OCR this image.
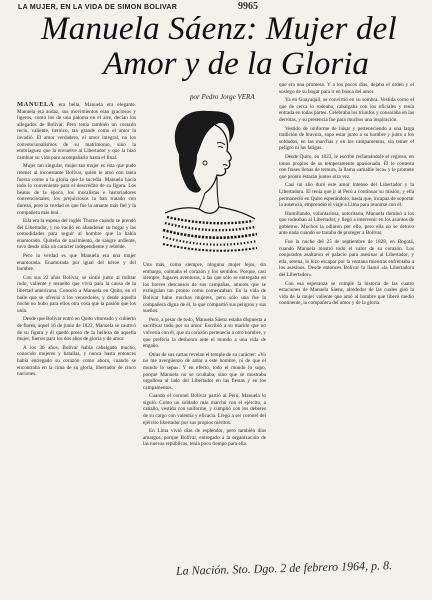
LA MUJER, EN LA VIDA DE SIMON BOLIVAR	9965
Manuela Sáenz: Mujer del
Amor y de la Gloria
por Pedro Jorge VERA

MANUELA era bella, Manuela era elegante. Manuela era audaz, sus movimientos eran graciosos y ligeros, como los de una paloma en el aire, decían los allegados de Bolívar. Pero tenía también un corazón recio, valiente, heroico, tan grande como el amor la invadió. El amor verdadero, el amor integral, no los convencionalismos de su matrimonio, sino la embriaguez que la envuelve al Libertador y que la hizo cambiar su vida para acompañarlo hasta el final.

Mujer tan singular, mujer tan mujer es ésta que pudo retener al inconstante Bolívar, quien le amó con tanta fuerza como a la gloria que la sucedía. Manuela hacía todo lo conveniente para el descrédito de su figura. Los beatos de la época, los moralistas e historiadores convencionales, los prejuiciosos la han tratado con dureza, pero la verdad es que fue la amante más fiel y la compañera más leal.

Ella era la esposa del inglés Thorne cuando se prendó del Libertador, y no vaciló en abandonar su hogar y las comodidades para seguir al hombre que la había enamorado. Quiteña de nacimiento, de sangre ardiente, tuvo desde niña un carácter independiente y rebelde.

Pero la verdad es que Manuela era una mujer enamorada. Enamorada por igual del héroe y del hombre.

Con sus 22 años Bolívar, se sintió junto al militar rudo, valiente y resuelto que vivía para la causa de la libertad americana. Conoció a Manuela en Quito, en el baile que se ofreció a los vencedores, y desde aquella noche no hubo para ellos otra cosa que la pasión que los unía.

Desde que Bolívar entró en Quito vitoreado y cubierto de flores, aquel 16 de junio de 1822, Manuela se cautivó de su figura y él quedó preso de la belleza de aquella mujer, fueron para los dos años de gloria y de amor.

A los 36 años, Bolívar había cabalgado mucho, conocido mujeres y batallas, y nunca hasta entonces había entregado su corazón como ahora, cuando se encontraba en la cima de su gloria, libertador de cinco naciones.

Una más, como siempre, ninguna mujer lejos, sin embargo, colmaba el corazón y los sentidos. Porque, casi siempre, fugaces aventuras, a las que sólo se entregaba en los breves descansos de sus campañas, amores que se extinguían tan pronto como comenzaban. En la vida de Bolívar hubo muchas mujeres, pero sólo una fue la compañera digna de él, la que compartió sus peligros y sus sueños.

Pero, a pesar de todo, Manuela Sáenz estaba dispuesta a sacrificar todo por su amor. Escribió a su marido que no volvería con él, que su corazón pertenecía a otro hombre, y que prefería la deshonra ante el mundo a una vida de engaño.

Otras de sus cartas revelan el temple de su carácter: «Yo no me avergüenzo de amar a este hombre, ni de que el mundo lo sepa». Y en efecto, todo el mundo lo supo, porque Manuela no se ocultaba, sino que se mostraba orgullosa al lado del Libertador en las fiestas y en los campamentos.

Cuando el coronel Bolívar partió al Perú, Manuela lo siguió. Como un soldado más marchó con el ejército, a caballo, vestida con uniforme, y cumplió con los deberes de su cargo con valentía y eficacia. Llegó a ser coronel del ejército libertador por sus propios méritos.

En Lima vivió días de esplendor, pero también días amargos, porque Bolívar, entregado a la organización de las nuevas repúblicas, tenía poco tiempo para ella.

que era una promesa. Y a los pocos días, dejaba el orden y el sosiego de su hogar para ir en busca del amor.

Ya en Guayaquil, se convirtió en su sombra. Vestida como el que de cerca lo rodeaba, cabalgaba con los oficiales y tenía entrada en todas partes. Celebraba los triunfos y consolaba en las derrotas, y su presencia fue para muchos una inspiración.

Vestido de uniforme de húsar y perteneciendo a una larga tradición de bravura, supo estar junto a su hombre y junto a los soldados, en las marchas y en los campamentos, sin temer el peligro ni las fatigas.

Desde Quito, en 1823, le escribe reclamándole el regreso, en tonos propios de su temperamento apasionado. Él le contesta con frases llenas de ternura, la llama «amable loca» y le promete que pronto estarán juntos otra vez.

Casi un año duró este amor intenso del Libertador y la Libertadora. El tenía que ir al Perú a continuar su misión, y ella permaneció en Quito esperándolo, hasta que, incapaz de soportar la ausencia, emprendió el viaje a Lima para reunirse con él.

Humillando, voluntariosa, autoritaria, Manuela dominó a los que rodeaban al Libertador, y llegó a intervenir en los asuntos de gobierno. Muchos la odiaron por ello, pero ella no se detuvo ante nada cuando se trataba de proteger a Bolívar.

Fue la noche del 25 de septiembre de 1828, en Bogotá, cuando Manuela mostró todo el valor de su corazón. Los conjurados asaltaron el palacio para asesinar al Libertador, y ella, serena, lo hizo escapar por la ventana mientras enfrentaba a los asesinos. Desde entonces Bolívar la llamó «la Libertadora del Libertador».

Con esa esperanza se cumple la historia de las cuatro estaciones de Manuela Sáenz, alrededor de las cuales giró la vida de la mujer valiente que amó al hombre que liberó medio continente, la compañera del amor y de la gloria.

La Nación. Sto. Dgo. 2 de febrero 1964, p. 8.
